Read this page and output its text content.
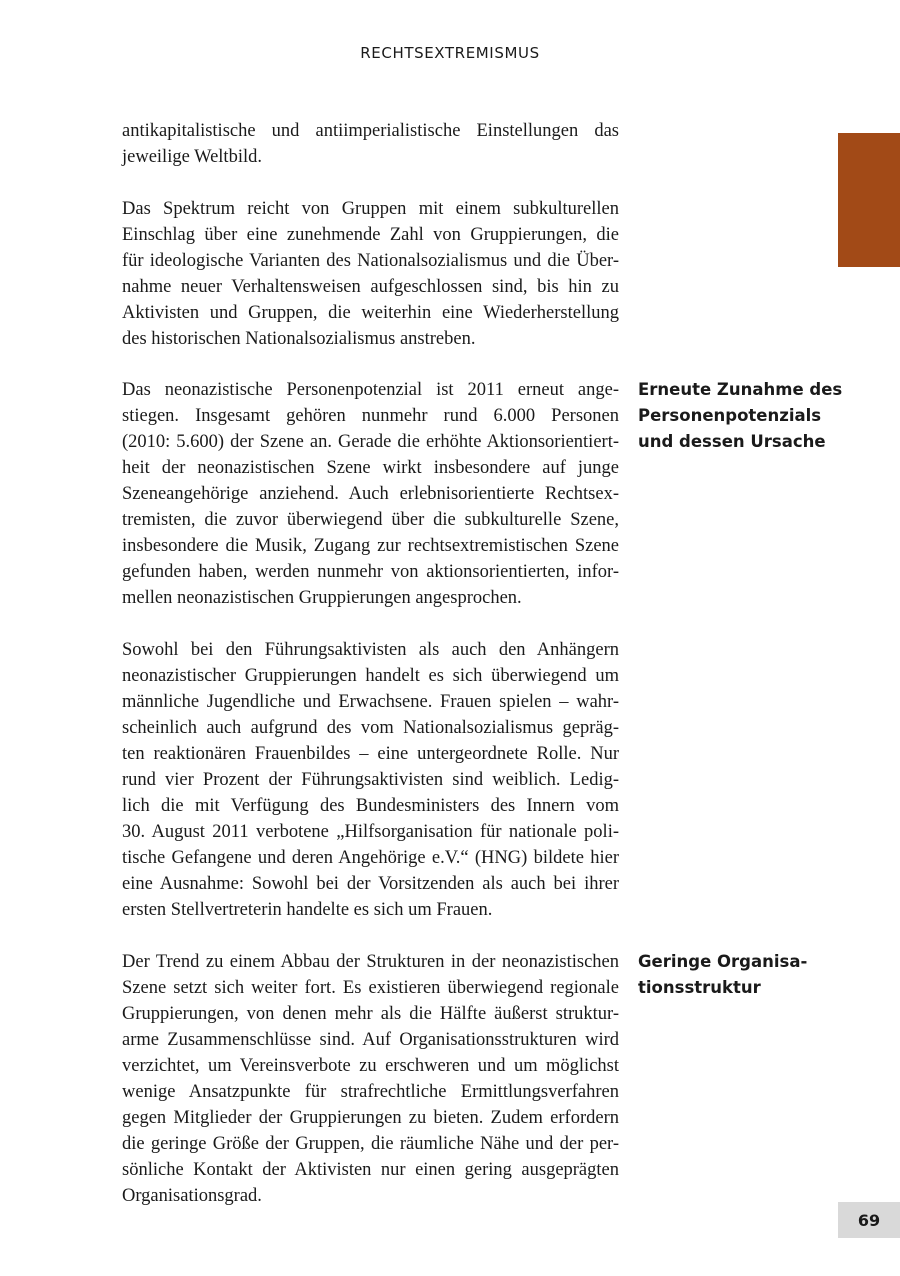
RECHTSEXTREMISMUS
antikapitalistische und antiimperialistische Einstellungen das
jeweilige Weltbild.
Das Spektrum reicht von Gruppen mit einem subkulturellen
Einschlag über eine zunehmende Zahl von Gruppierungen, die
für ideologische Varianten des Nationalsozialismus und die Über-
nahme neuer Verhaltensweisen aufgeschlossen sind, bis hin zu
Aktivisten und Gruppen, die weiterhin eine Wiederherstellung
des historischen Nationalsozialismus anstreben.
Das neonazistische Personenpotenzial ist 2011 erneut ange-
stiegen. Insgesamt gehören nunmehr rund 6.000 Personen
(2010: 5.600) der Szene an. Gerade die erhöhte Aktionsorientiert-
heit der neonazistischen Szene wirkt insbesondere auf junge
Szeneangehörige anziehend. Auch erlebnisorientierte Rechtsex-
tremisten, die zuvor überwiegend über die subkulturelle Szene,
insbesondere die Musik, Zugang zur rechtsextremistischen Szene
gefunden haben, werden nunmehr von aktionsorientierten, infor-
mellen neonazistischen Gruppierungen angesprochen.
Sowohl bei den Führungsaktivisten als auch den Anhängern
neonazistischer Gruppierungen handelt es sich überwiegend um
männliche Jugendliche und Erwachsene. Frauen spielen – wahr-
scheinlich auch aufgrund des vom Nationalsozialismus gepräg-
ten reaktionären Frauenbildes – eine untergeordnete Rolle. Nur
rund vier Prozent der Führungsaktivisten sind weiblich. Ledig-
lich die mit Verfügung des Bundesministers des Innern vom
30. August 2011 verbotene „Hilfsorganisation für nationale poli-
tische Gefangene und deren Angehörige e.V.“ (HNG) bildete hier
eine Ausnahme: Sowohl bei der Vorsitzenden als auch bei ihrer
ersten Stellvertreterin handelte es sich um Frauen.
Der Trend zu einem Abbau der Strukturen in der neonazistischen
Szene setzt sich weiter fort. Es existieren überwiegend regionale
Gruppierungen, von denen mehr als die Hälfte äußerst struktur-
arme Zusammenschlüsse sind. Auf Organisationsstrukturen wird
verzichtet, um Vereinsverbote zu erschweren und um möglichst
wenige Ansatzpunkte für strafrechtliche Ermittlungsverfahren
gegen Mitglieder der Gruppierungen zu bieten. Zudem erfordern
die geringe Größe der Gruppen, die räumliche Nähe und der per-
sönliche Kontakt der Aktivisten nur einen gering ausgeprägten
Organisationsgrad.
Erneute Zunahme des
Personenpotenzials
und dessen Ursache
Geringe Organisa-
tionsstruktur
69
